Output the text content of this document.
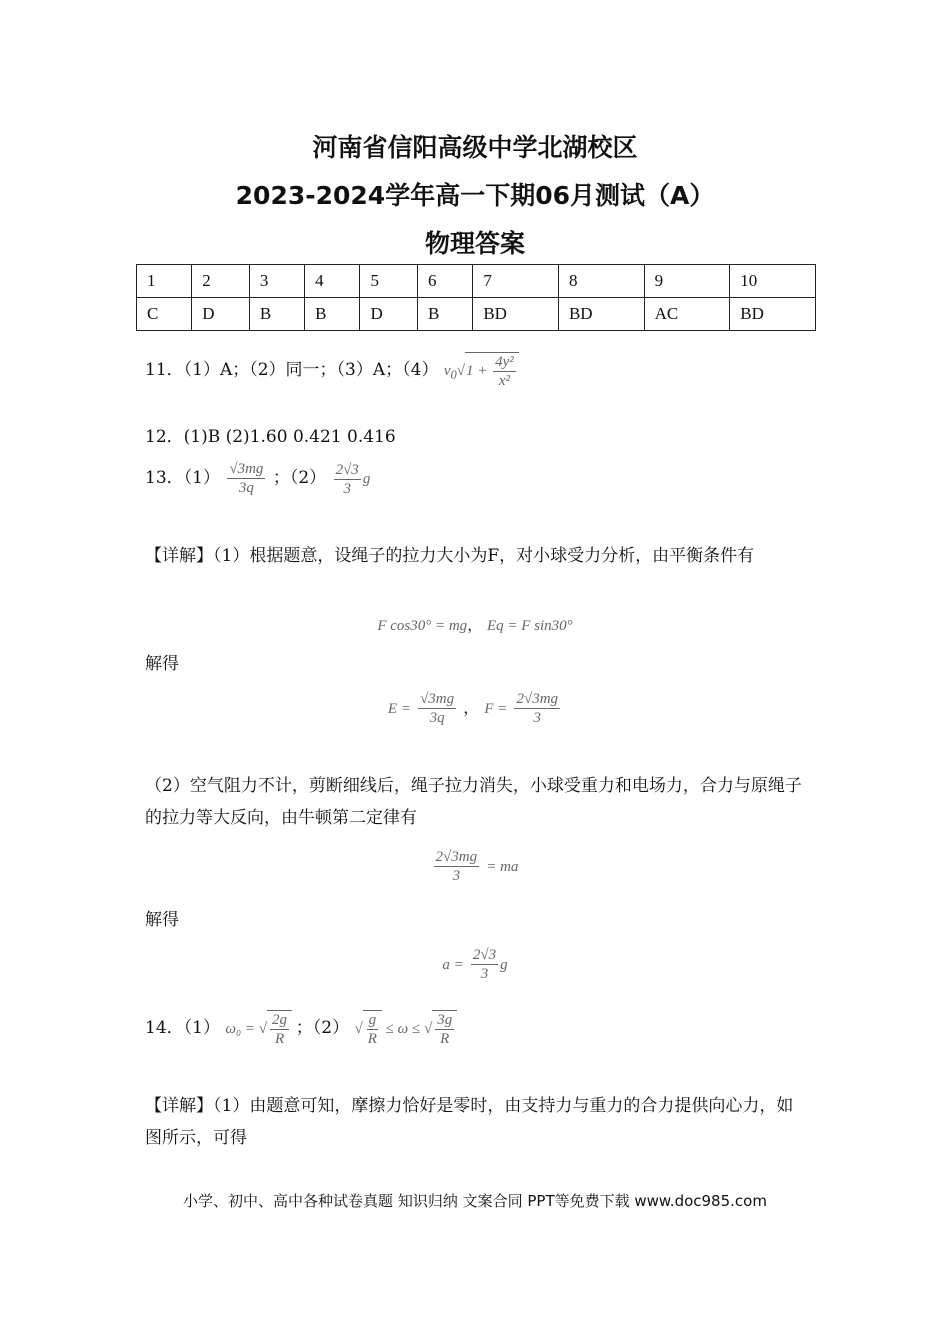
河南省信阳高级中学北湖校区
2023-2024学年高一下期06月测试（A）
物理答案
1	2	3	4	5	6	7	8	9	10
C	D	B	B	D	B	BD	BD	AC	BD
11．（1）A；（2）同一；（3）A；（4） $v_0√1 + \frac{\text{4y²}}{\text{x²}}$
12．(1)B (2)1.60 0.421 0.416
13．$(1) \frac{√3mg}{3q}$ ；$(2) \frac{2√3}{3}$ g
【详解】（1）根据题意，设绳子的拉力大小为F，对小球受力分析，由平衡条件有
F cos30° = mg， Eq = F sin30°
解得
$E = \frac{√3mg}{3q}$ ， $F = \frac{2√3mg}{3}$
（2）空气阻力不计，剪断细线后，绳子拉力消失，小球受重力和电场力，合力与原绳子的拉力等大反向，由牛顿第二定律有
$\frac{2√3mg}{3}$ = ma
解得
$a = \frac{2√3}{3}$ g
14．（1） ω₀ = √ $\frac{2g}{R}$ ；（2） √ $\frac{g}{R} \le \omega$ ≤ √ $\frac{3g}{R}$
【详解】（1）由题意可知，摩擦力恰好是零时，由支持力与重力的合力提供向心力，如图所示，可得
小学、初中、高中各种试卷真题 知识归纳 文案合同 PPT等免费下载 www.doc985.com
